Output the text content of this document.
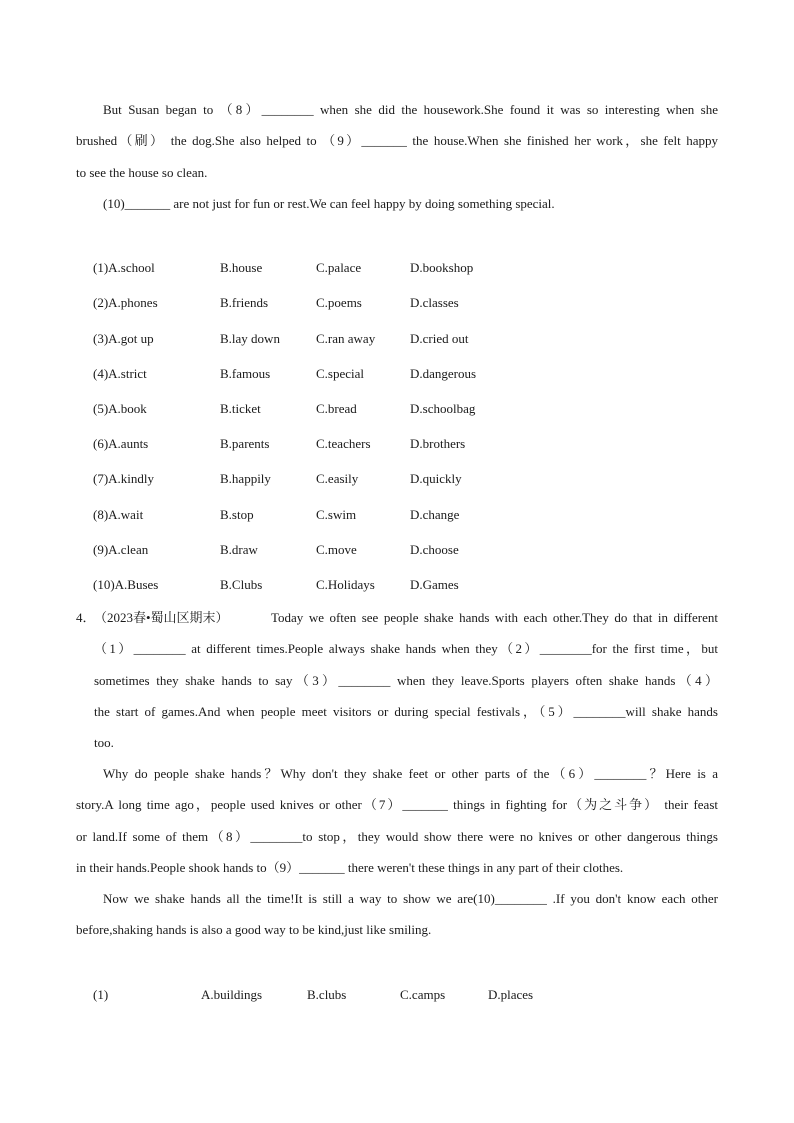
But Susan began to （8）________ when she did the housework.She found it was so interesting when she
brushed（刷） the dog.She also helped to （9）_______ the house.When she finished her work，she felt happy
to see the house so clean.
(10)_______ are not just for fun or rest.We can feel happy by doing something special.
(1)A.school	B.house	C.palace	D.bookshop
(2)A.phones	B.friends	C.poems	D.classes
(3)A.got up	B.lay down	C.ran away	D.cried out
(4)A.strict	B.famous	C.special	D.dangerous
(5)A.book	B.ticket	C.bread	D.schoolbag
(6)A.aunts	B.parents	C.teachers	D.brothers
(7)A.kindly	B.happily	C.easily	D.quickly
(8)A.wait	B.stop	C.swim	D.change
(9)A.clean	B.draw	C.move	D.choose
(10)A.Buses	B.Clubs	C.Holidays	D.Games
4．
（2023春•蜀山区期末）	Today we often see people shake hands with each other.They do that in different
（1）________ at different times.People always shake hands when they（2）________for the first time，but
sometimes they shake hands to say（3）________ when they leave.Sports players often shake hands（4）
the start of games.And when people meet visitors or during special festivals，（5）________will shake hands
too.
Why do people shake hands？Why don't they shake feet or other parts of the（6）________？Here is a
story.A long time ago，people used knives or other（7）_______ things in fighting for（为之斗争） their feast
or land.If some of them（8）________to stop，they would show there were no knives or other dangerous things
in their hands.People shook hands to（9）_______ there weren't these things in any part of their clothes.
Now we shake hands all the time!It is still a way to show we are(10)________ .If you don't know each other
before,shaking hands is also a good way to be kind,just like smiling.
(1)	A.buildings	B.clubs	C.camps	D.places
